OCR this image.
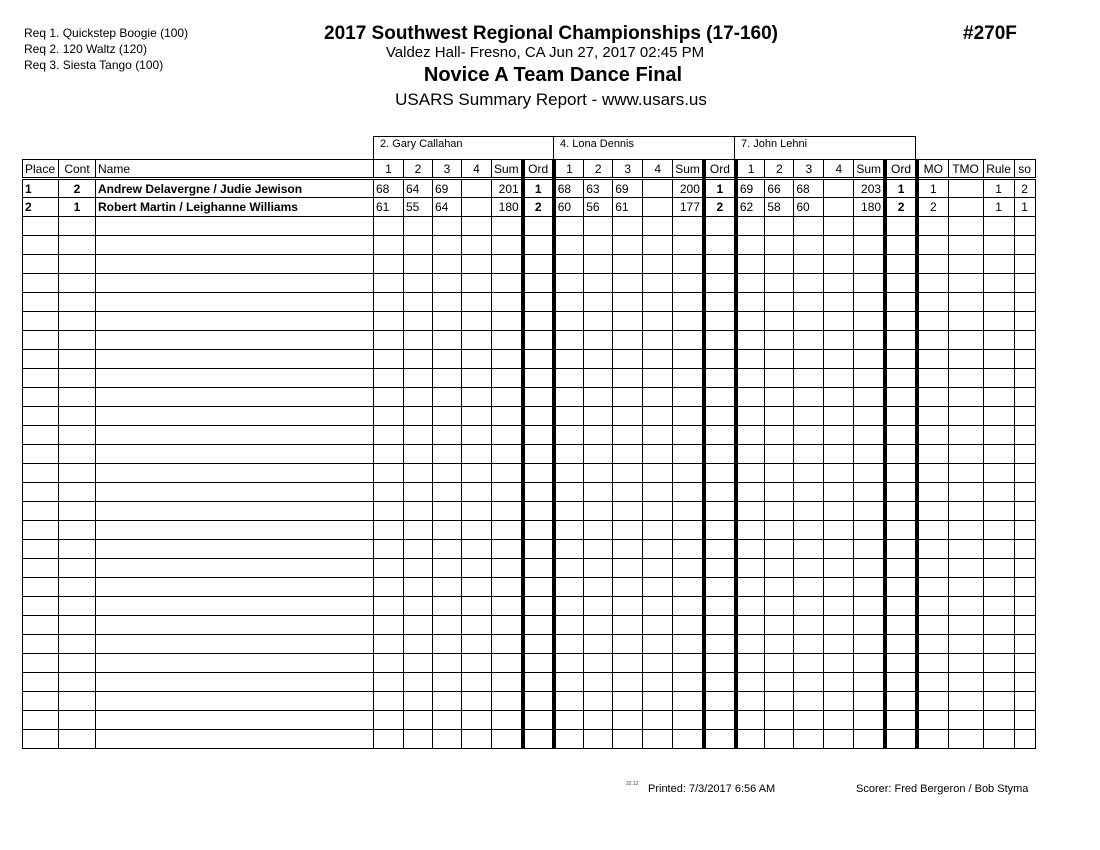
Req 1. Quickstep Boogie (100)
Req 2. 120 Waltz (120)
Req 3. Siesta Tango (100)
2017 Southwest Regional Championships (17-160)
Valdez Hall- Fresno, CA Jun 27, 2017 02:45 PM
Novice A Team Dance Final
USARS Summary Report - www.usars.us
#270F
2. Gary Callahan	4. Lona Dennis	7. John Lehni
Place	Cont	Name	1	2	3	4	Sum	Ord	1	2	3	4	Sum	Ord	1	2	3	4	Sum	Ord	MO	TMO	Rule	so
1	2	Andrew Delavergne / Judie Jewison	68	64	69		201	1	68	63	69		200	1	69	66	68		203	1	1		1	2
2	1	Robert Martin / Leighanne Williams	61	55	64		180	2	60	56	61		177	2	62	58	60		180	2	2		1	1

32.12 Printed: 7/3/2017 6:56 AM	Scorer: Fred Bergeron / Bob Styma
